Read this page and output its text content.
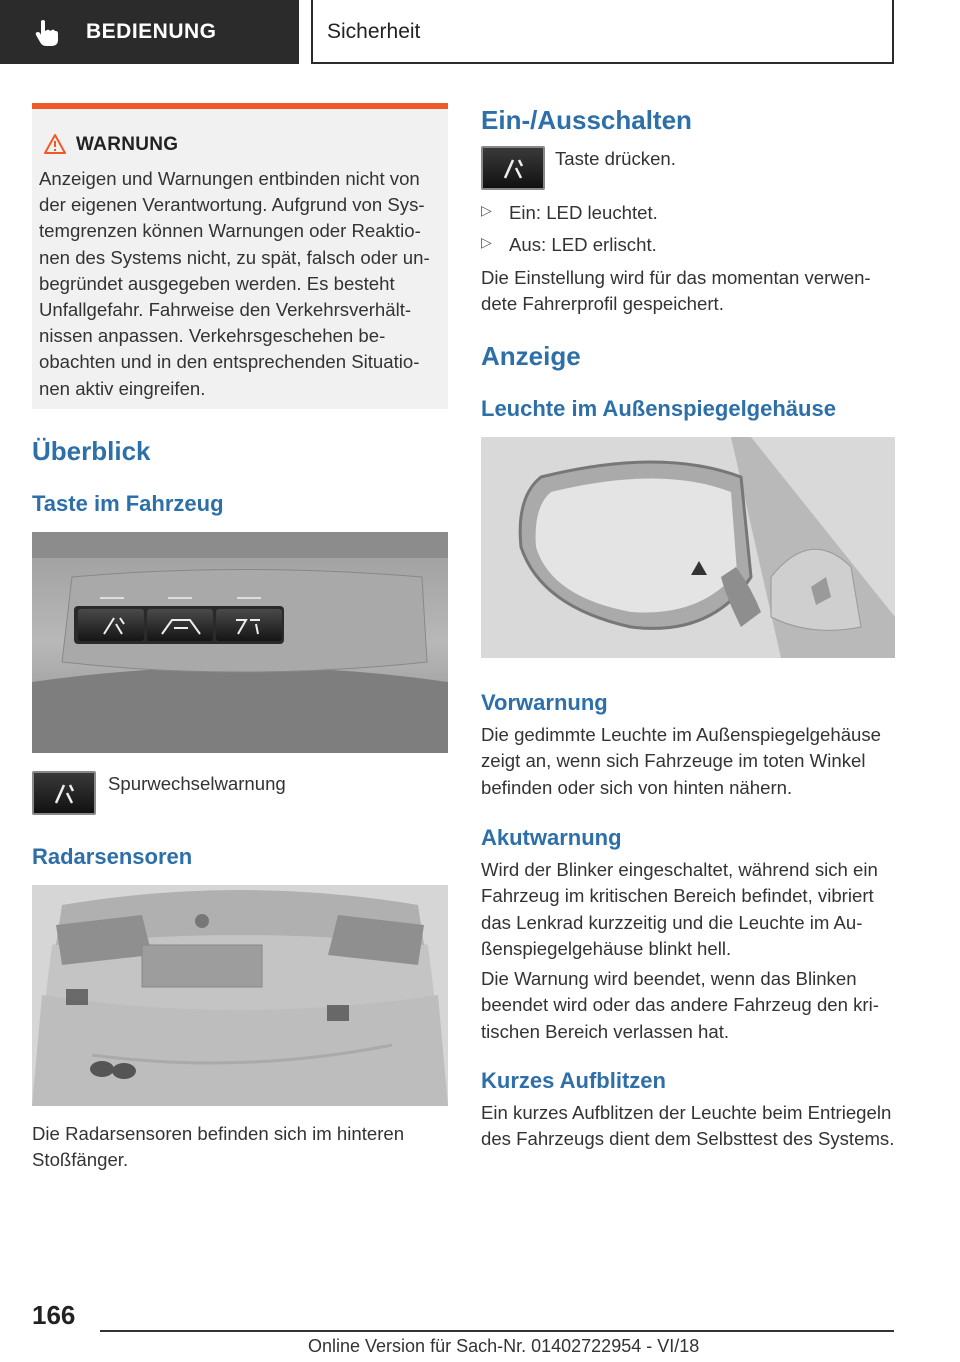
BEDIENUNG	Sicherheit
WARNUNG
Anzeigen und Warnungen entbinden nicht von der eigenen Verantwortung. Aufgrund von Systemgrenzen können Warnungen oder Reaktionen des Systems nicht, zu spät, falsch oder unbegründet ausgegeben werden. Es besteht Unfallgefahr. Fahrweise den Verkehrsverhältnissen anpassen. Verkehrsgeschehen beobachten und in den entsprechenden Situationen aktiv eingreifen.
Überblick
Taste im Fahrzeug
Spurwechselwarnung
Radarsensoren
Die Radarsensoren befinden sich im hinteren Stoßfänger.
Ein-/Ausschalten
Taste drücken.
▷ Ein: LED leuchtet.
▷ Aus: LED erlischt.
Die Einstellung wird für das momentan verwendete Fahrerprofil gespeichert.
Anzeige
Leuchte im Außenspiegelgehäuse
Vorwarnung
Die gedimmte Leuchte im Außenspiegelgehäuse zeigt an, wenn sich Fahrzeuge im toten Winkel befinden oder sich von hinten nähern.
Akutwarnung
Wird der Blinker eingeschaltet, während sich ein Fahrzeug im kritischen Bereich befindet, vibriert das Lenkrad kurzzeitig und die Leuchte im Außenspiegelgehäuse blinkt hell.
Die Warnung wird beendet, wenn das Blinken beendet wird oder das andere Fahrzeug den kritischen Bereich verlassen hat.
Kurzes Aufblitzen
Ein kurzes Aufblitzen der Leuchte beim Entriegeln des Fahrzeugs dient dem Selbsttest des Systems.
166
Online Version für Sach-Nr. 01402722954 - VI/18
